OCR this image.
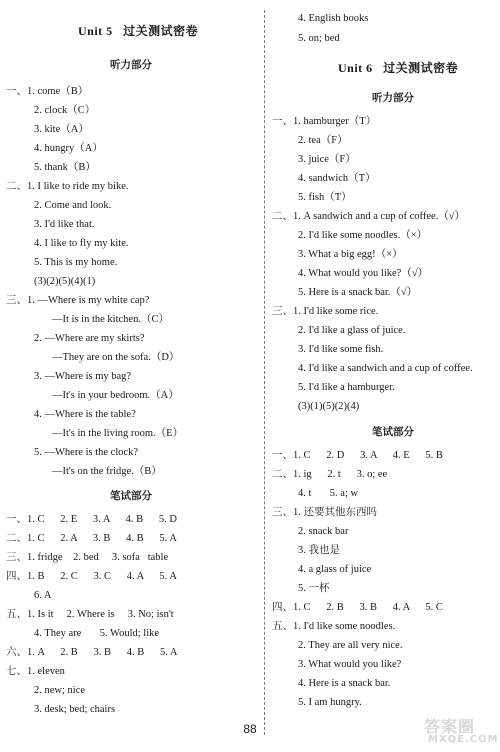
Unit 5   过关测试密卷
听力部分
一、1. come（B）
2. clock（C）
3. kite（A）
4. hungry（A）
5. thank（B）
二、1. I like to ride my bike.
2. Come and look.
3. I'd like that.
4. I like to fly my kite.
5. This is my home.
(3)(2)(5)(4)(1)
三、1. —Where is my white cap?
—It is in the kitchen.（C）
2. —Where are my skirts?
—They are on the sofa.（D）
3. —Where is my bag?
—It's in your bedroom.（A）
4. —Where is the table?
—It's in the living room.（E）
5. —Where is the clock?
—It's on the fridge.（B）
笔试部分
一、1. C      2. E      3. A      4. B      5. D
二、1. C      2. A      3. B      4. B      5. A
三、1. fridge    2. bed     3. sofa   table
四、1. B      2. C      3. C      4. A      5. A
6. A
五、1. Is it     2. Where is     3. No; isn't
4. They are       5. Would; like
六、1. A      2. B      3. B      4. B      5. A
七、1. eleven
2. new; nice
3. desk; bed; chairs
4. English books
5. on; bed
Unit 6   过关测试密卷
听力部分
一、1. hamburger（T）
2. tea（F）
3. juice（F）
4. sandwich（T）
5. fish（T）
二、1. A sandwich and a cup of coffee.（√）
2. I'd like some noodles.（×）
3. What a big egg!（×）
4. What would you like?（√）
5. Here is a snack bar.（√）
三、1. I'd like some rice.
2. I'd like a glass of juice.
3. I'd like some fish.
4. I'd like a sandwich and a cup of coffee.
5. I'd like a hamburger.
(3)(1)(5)(2)(4)
笔试部分
一、1. C      2. D      3. A      4. E      5. B
二、1. ig      2. t      3. o; ee
4. t       5. a; w
三、1. 还要其他东西吗
2. snack bar
3. 我也是
4. a glass of juice
5. 一杯
四、1. C      2. B      3. B      4. A      5. C
五、1. I'd like some noodles.
2. They are all very nice.
3. What would you like?
4. Here is a snack bar.
5. I am hungry.
88	答案圈
MXQE.COM
